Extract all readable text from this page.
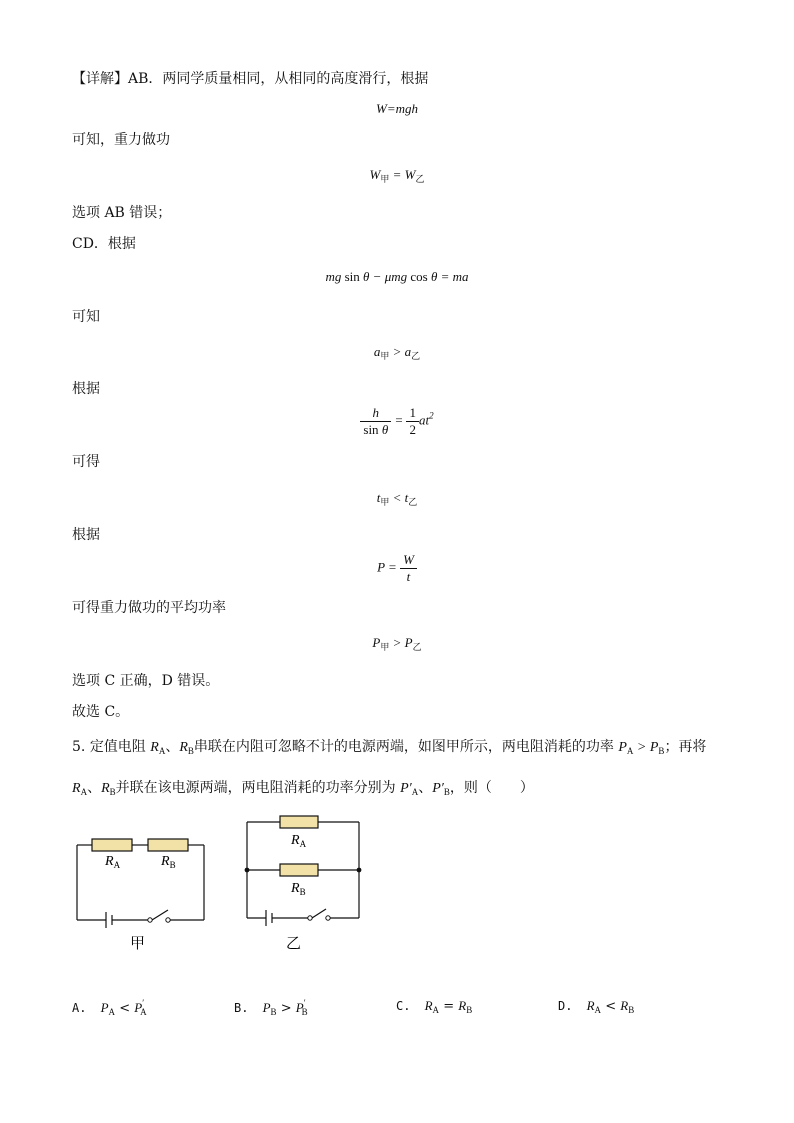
【详解】AB．两同学质量相同，从相同的高度滑行，根据
W=mgh
可知，重力做功
$W_甲 = W_乙$
选项 AB 错误；
CD．根据
mg sin θ − μmg cos θ = ma
可知
$a_甲 > a_乙$
根据
$\frac{h}{\text{sin θ}} = \frac{1}{2} at^2$
可得
$t_甲 < t_乙$
根据
$P = \frac{W}{t}$
可得重力做功的平均功率
$P_甲 > P_乙$
选项 C 正确，D 错误。
故选 C。
5. 定值电阻 $R_A$、$R_B$串联在内阻可忽略不计的电源两端，如图甲所示，两电阻消耗的功率 $P_A > P_B$；再将
$R_A$、$R_B$并联在该电源两端，两电阻消耗的功率分别为 $P'_A$、$P'_B$，则（　　）
$R_A$	$R_B$
甲
$R_A$
$R_B$
乙
A. $P_A < P'_A$	B. $P_B > P'_B$	C. $R_A = R_B$	D. $R_A < R_B$
